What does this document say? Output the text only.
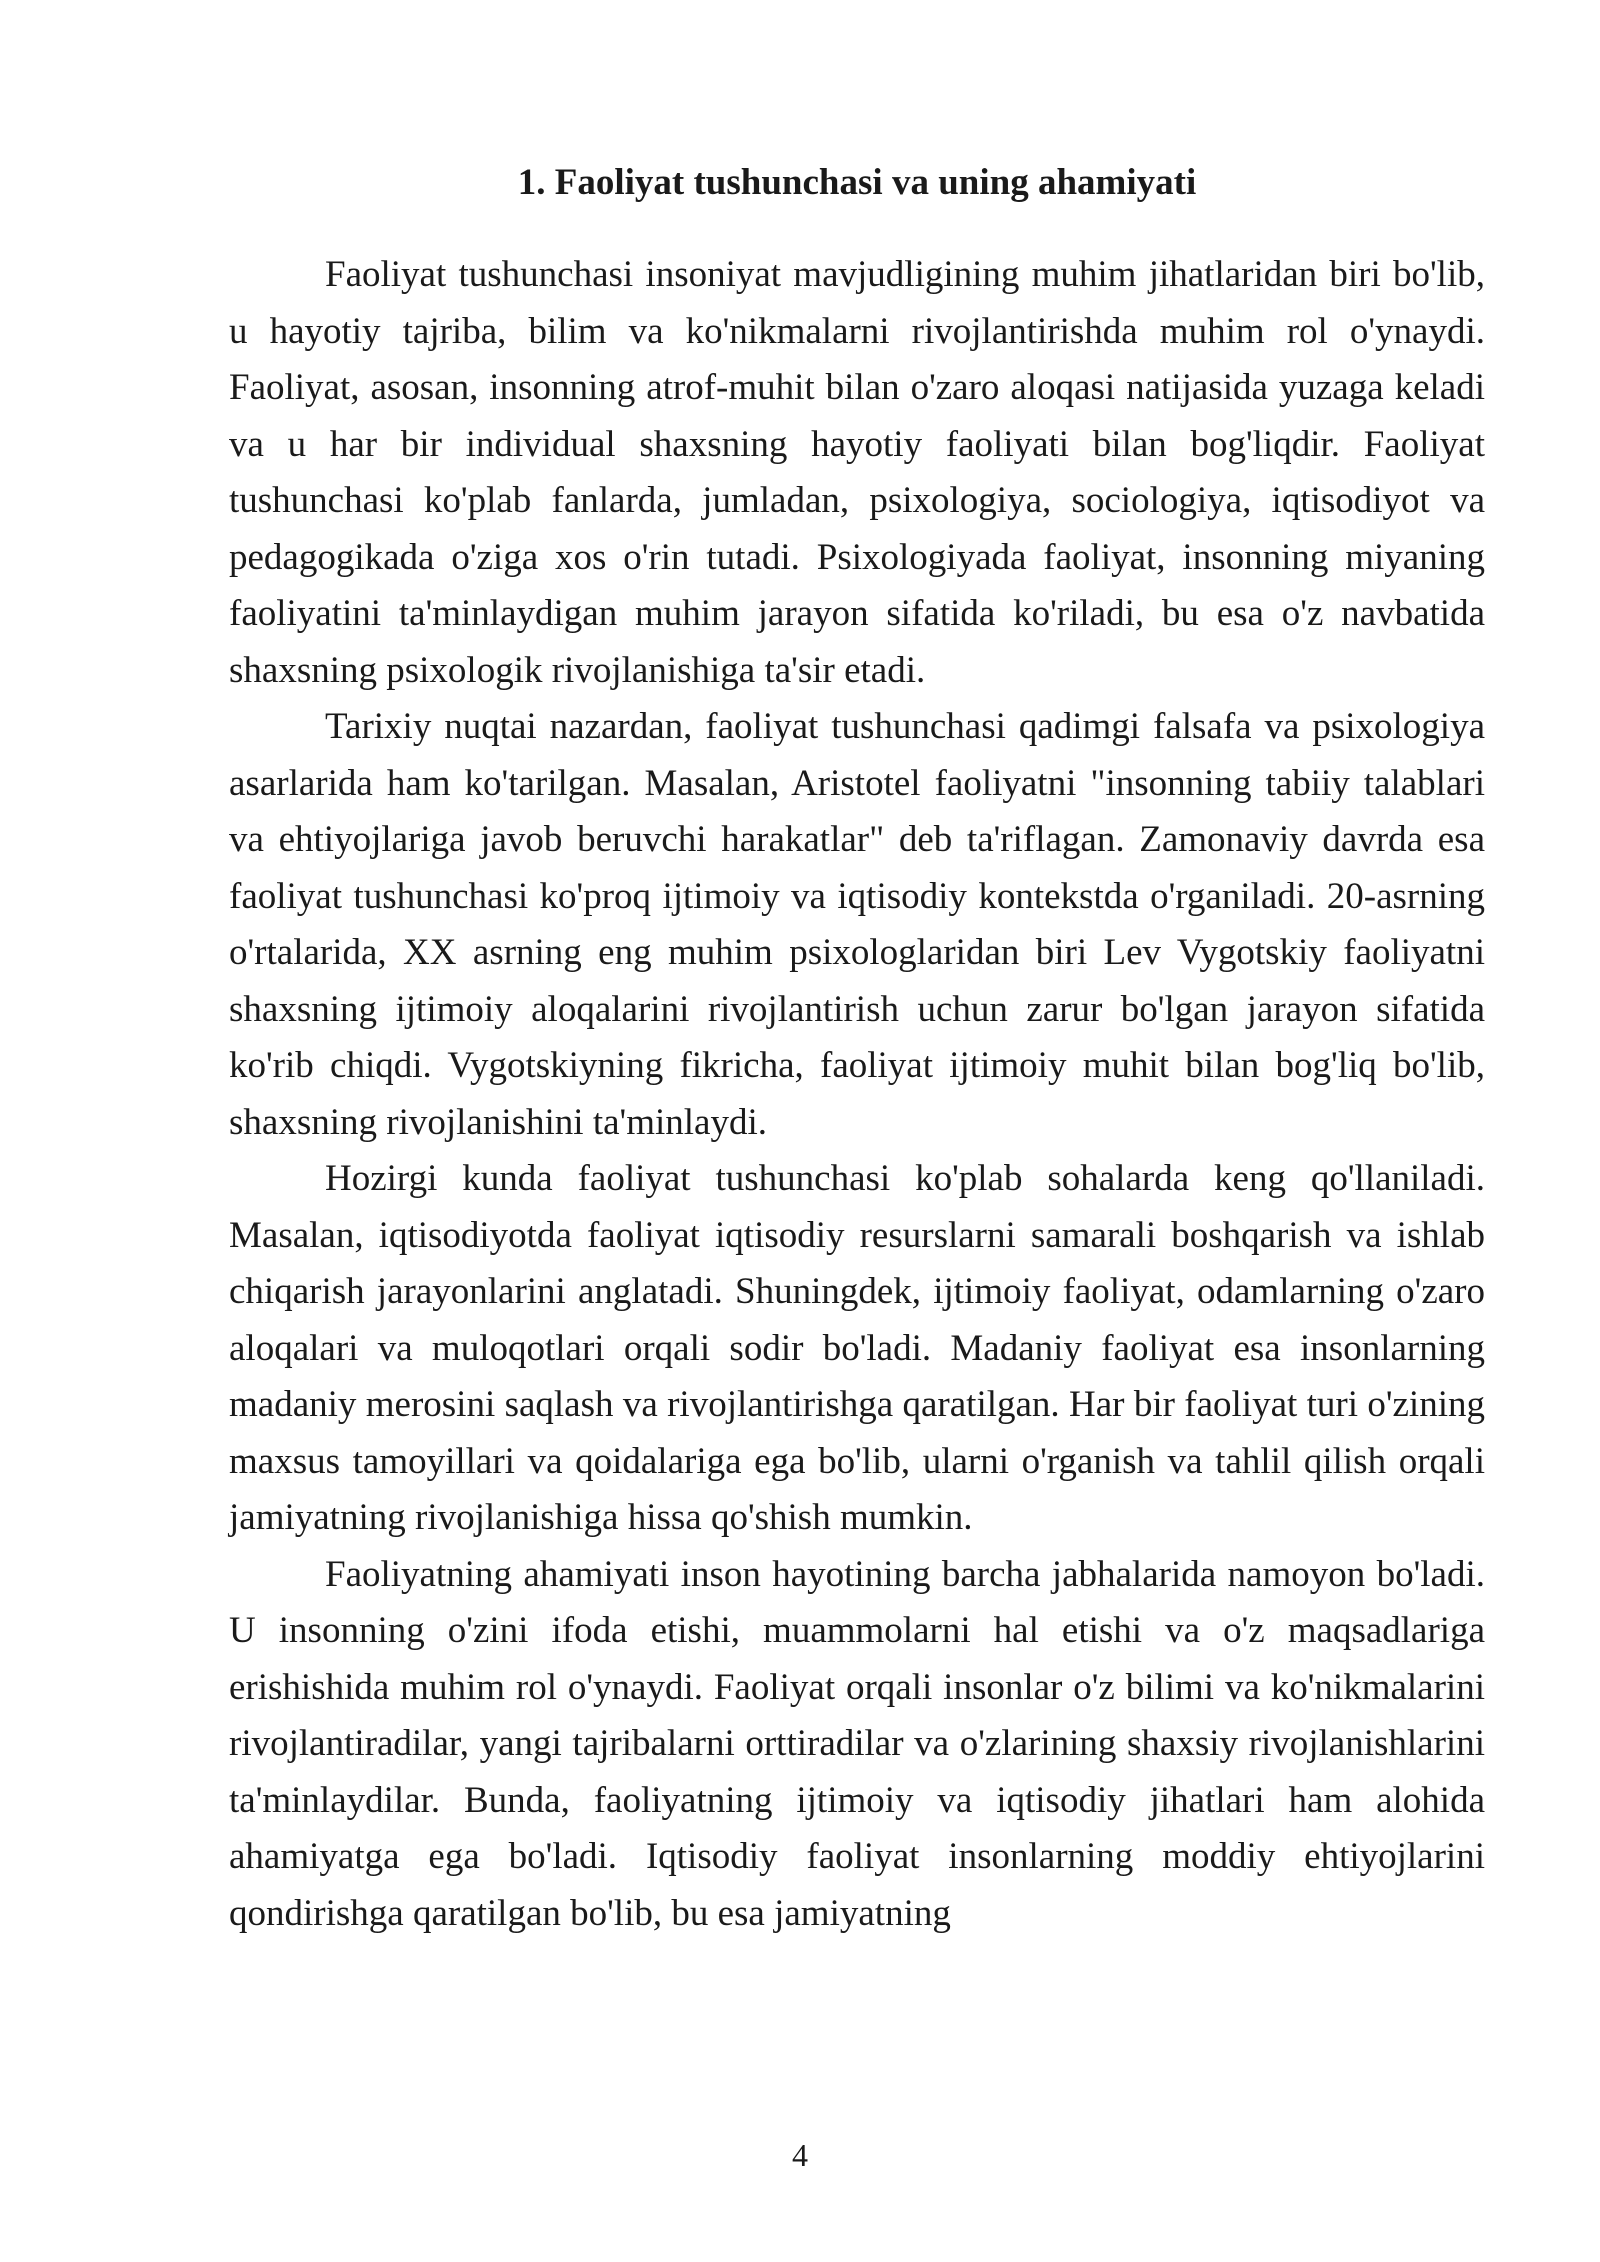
1. Faoliyat tushunchasi va uning ahamiyati

Faoliyat tushunchasi insoniyat mavjudligining muhim jihatlaridan biri bo'lib, u hayotiy tajriba, bilim va ko'nikmalarni rivojlantirishda muhim rol o'ynaydi. Faoliyat, asosan, insonning atrof-muhit bilan o'zaro aloqasi natijasida yuzaga keladi va u har bir individual shaxsning hayotiy faoliyati bilan bog'liqdir. Faoliyat tushunchasi ko'plab fanlarda, jumladan, psixologiya, sociologiya, iqtisodiyot va pedagogikada o'ziga xos o'rin tutadi. Psixologiyada faoliyat, insonning miyaning faoliyatini ta'minlaydigan muhim jarayon sifatida ko'riladi, bu esa o'z navbatida shaxsning psixologik rivojlanishiga ta'sir etadi.

Tarixiy nuqtai nazardan, faoliyat tushunchasi qadimgi falsafa va psixologiya asarlarida ham ko'tarilgan. Masalan, Aristotel faoliyatni "insonning tabiiy talablari va ehtiyojlariga javob beruvchi harakatlar" deb ta'riflagan. Zamonaviy davrda esa faoliyat tushunchasi ko'proq ijtimoiy va iqtisodiy kontekstda o'rganiladi. 20-asrning o'rtalarida, XX asrning eng muhim psixologlaridan biri Lev Vygotskiy faoliyatni shaxsning ijtimoiy aloqalarini rivojlantirish uchun zarur bo'lgan jarayon sifatida ko'rib chiqdi. Vygotskiyning fikricha, faoliyat ijtimoiy muhit bilan bog'liq bo'lib, shaxsning rivojlanishini ta'minlaydi.

Hozirgi kunda faoliyat tushunchasi ko'plab sohalarda keng qo'llaniladi. Masalan, iqtisodiyotda faoliyat iqtisodiy resurslarni samarali boshqarish va ishlab chiqarish jarayonlarini anglatadi. Shuningdek, ijtimoiy faoliyat, odamlarning o'zaro aloqalari va muloqotlari orqali sodir bo'ladi. Madaniy faoliyat esa insonlarning madaniy merosini saqlash va rivojlantirishga qaratilgan. Har bir faoliyat turi o'zining maxsus tamoyillari va qoidalariga ega bo'lib, ularni o'rganish va tahlil qilish orqali jamiyatning rivojlanishiga hissa qo'shish mumkin.

Faoliyatning ahamiyati inson hayotining barcha jabhalarida namoyon bo'ladi. U insonning o'zini ifoda etishi, muammolarni hal etishi va o'z maqsadlariga erishishida muhim rol o'ynaydi. Faoliyat orqali insonlar o'z bilimi va ko'nikmalarini rivojlantiradilar, yangi tajribalarni orttiradilar va o'zlarining shaxsiy rivojlanishlarini ta'minlaydilar. Bunda, faoliyatning ijtimoiy va iqtisodiy jihatlari ham alohida ahamiyatga ega bo'ladi. Iqtisodiy faoliyat insonlarning moddiy ehtiyojlarini qondirishga qaratilgan bo'lib, bu esa jamiyatning

4
